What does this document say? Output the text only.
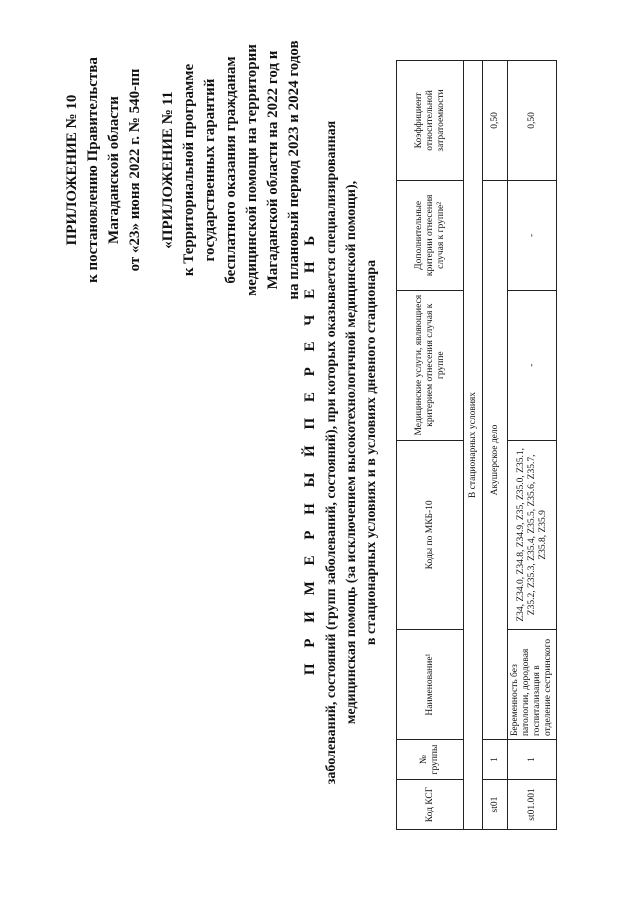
ПРИЛОЖЕНИЕ № 10 к постановлению Правительства Магаданской области от «23» июня 2022 г. № 540-пп «ПРИЛОЖЕНИЕ № 11 к Территориальной программе государственных гарантий бесплатного оказания гражданам медицинской помощи на территории Магаданской области на 2022 год и на плановый период 2023 и 2024 годов
П Р И М Е Р Н Ы Й П Е Р Е Ч Е Н Ь заболеваний, состояний (групп заболеваний, состояний), при которых оказывается специализированная медицинская помощь (за исключением высокотехнологичной медицинской помощи), в стационарных условиях и в условиях дневного стационара
Код КСГ	№ группы	Наименование¹	Коды по МКБ-10	Медицинские услуги, являющиеся критерием отнесения случая к группе	Дополнительные критерии отнесения случая к группе²	Коэффициент относительной затратоемкости
В стационарных условиях						
st01	1	Акушерское дело				0,50
st01.001	1	Беременность без патологии, дородовая госпитализация в отделение сестринского	Z34, Z34.0, Z34.8, Z34.9, Z35, Z35.0, Z35.1, Z35.2, Z35.3, Z35.4, Z35.5, Z35.6, Z35.7, Z35.8, Z35.9	-	-	0,50
